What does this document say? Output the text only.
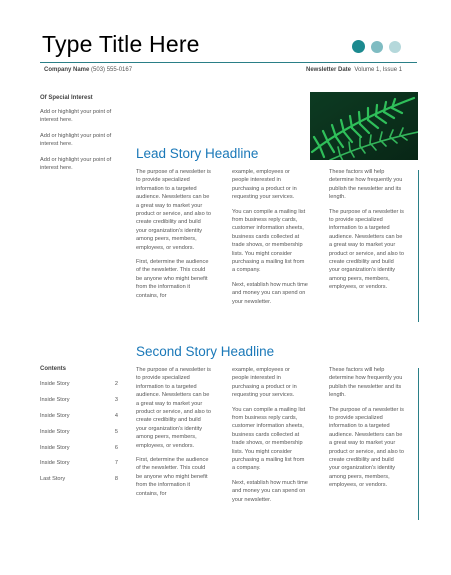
Type Title Here
Company Name (503) 555-0167	Newsletter Date Volume 1, Issue 1
Of Special Interest
Add or highlight your point of interest here.
Add or highlight your point of interest here.
Add or highlight your point of interest here.
Lead Story Headline

The purpose of a newsletter is to provide specialized information to a targeted audience. Newsletters can be a great way to market your product or service, and also to create credibility and build your organization's identity among peers, members, employees, or vendors.

First, determine the audience of the newsletter. This could be anyone who might benefit from the information it contains, for

example, employees or people interested in purchasing a product or in requesting your services.

You can compile a mailing list from business reply cards, customer information sheets, business cards collected at trade shows, or membership lists. You might consider purchasing a mailing list from a company.

Next, establish how much time and money you can spend on your newsletter.

These factors will help determine how frequently you publish the newsletter and its length.

The purpose of a newsletter is to provide specialized information to a targeted audience. Newsletters can be a great way to market your product or service, and also to create credibility and build your organization's identity among peers, members, employees, or vendors.

Contents
Inside Story	2
Inside Story	3
Inside Story	4
Inside Story	5
Inside Story	6
Inside Story	7
Last Story	8
Second Story Headline

The purpose of a newsletter is to provide specialized information to a targeted audience. Newsletters can be a great way to market your product or service, and also to create credibility and build your organization's identity among peers, members, employees, or vendors.

First, determine the audience of the newsletter. This could be anyone who might benefit from the information it contains, for

example, employees or people interested in purchasing a product or in requesting your services.

You can compile a mailing list from business reply cards, customer information sheets, business cards collected at trade shows, or membership lists. You might consider purchasing a mailing list from a company.

Next, establish how much time and money you can spend on your newsletter.

These factors will help determine how frequently you publish the newsletter and its length.

The purpose of a newsletter is to provide specialized information to a targeted audience. Newsletters can be a great way to market your product or service, and also to create credibility and build your organization's identity among peers, members, employees, or vendors.
